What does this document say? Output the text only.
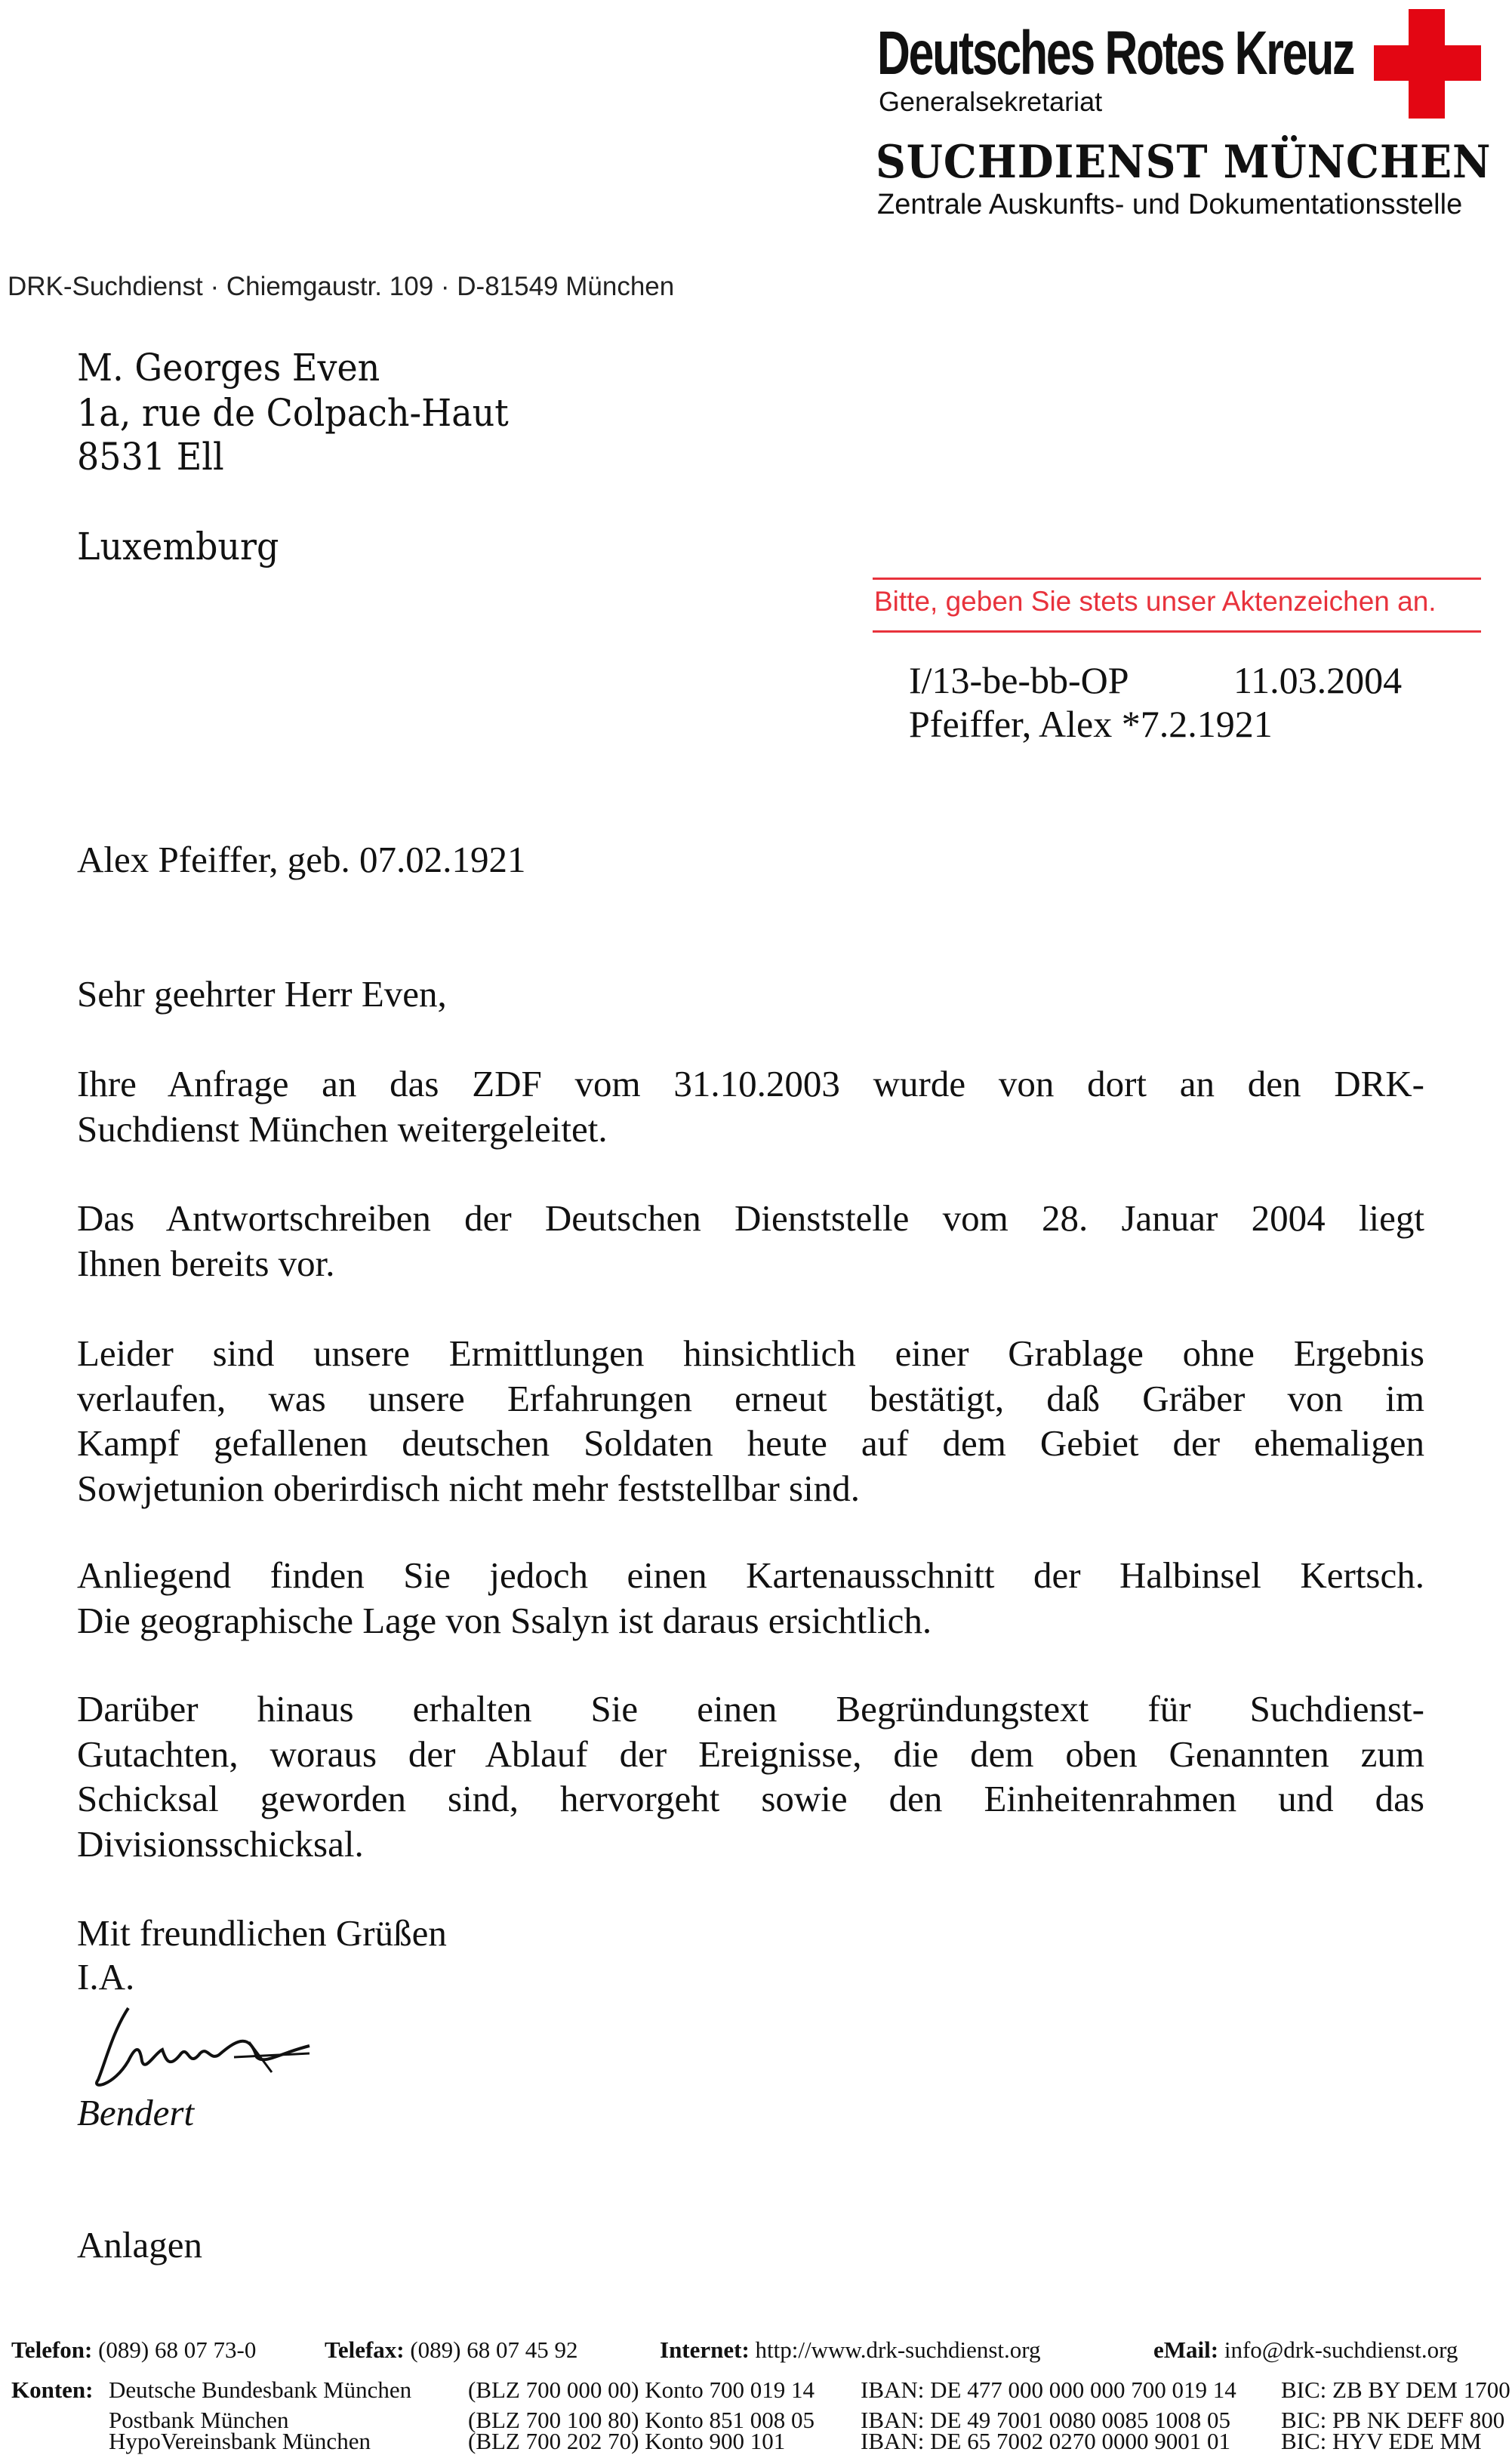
Deutsches Rotes Kreuz
Generalsekretariat
SUCHDIENST MÜNCHEN
Zentrale Auskunfts- und Dokumentationsstelle
DRK-Suchdienst · Chiemgaustr. 109 · D-81549 München
M. Georges Even
1a, rue de Colpach-Haut
8531 Ell
Luxemburg
Bitte, geben Sie stets unser Aktenzeichen an.
I/13-be-bb-OP	11.03.2004
Pfeiffer, Alex *7.2.1921
Alex Pfeiffer, geb. 07.02.1921
Sehr geehrter Herr Even,
Ihre Anfrage an das ZDF vom 31.10.2003 wurde von dort an den DRK-
Suchdienst München weitergeleitet.
Das Antwortschreiben der Deutschen Dienststelle vom 28. Januar 2004 liegt
Ihnen bereits vor.
Leider sind unsere Ermittlungen hinsichtlich einer Grablage ohne Ergebnis
verlaufen, was unsere Erfahrungen erneut bestätigt, daß Gräber von im
Kampf gefallenen deutschen Soldaten heute auf dem Gebiet der ehemaligen
Sowjetunion oberirdisch nicht mehr feststellbar sind.
Anliegend finden Sie jedoch einen Kartenausschnitt der Halbinsel Kertsch.
Die geographische Lage von Ssalyn ist daraus ersichtlich.
Darüber hinaus erhalten Sie einen Begründungstext für Suchdienst-
Gutachten, woraus der Ablauf der Ereignisse, die dem oben Genannten zum
Schicksal geworden sind, hervorgeht sowie den Einheitenrahmen und das
Divisionsschicksal.
Mit freundlichen Grüßen
I.A.
Bendert
Anlagen
Telefon: (089) 68 07 73-0	Telefax: (089) 68 07 45 92	Internet: http://www.drk-suchdienst.org	eMail: info@drk-suchdienst.org
Konten: Deutsche Bundesbank München (BLZ 700 000 00) Konto 700 019 14 IBAN: DE 477 000 000 000 700 019 14 BIC: ZB BY DEM 1700
Postbank München	(BLZ 700 100 80) Konto 851 008 05 IBAN: DE 49 7001 0080 0085 1008 05 BIC: PB NK DEFF 800
HypoVereinsbank München	(BLZ 700 202 70) Konto 900 101	IBAN: DE 65 7002 0270 0000 9001 01 BIC: HYV EDE MM
